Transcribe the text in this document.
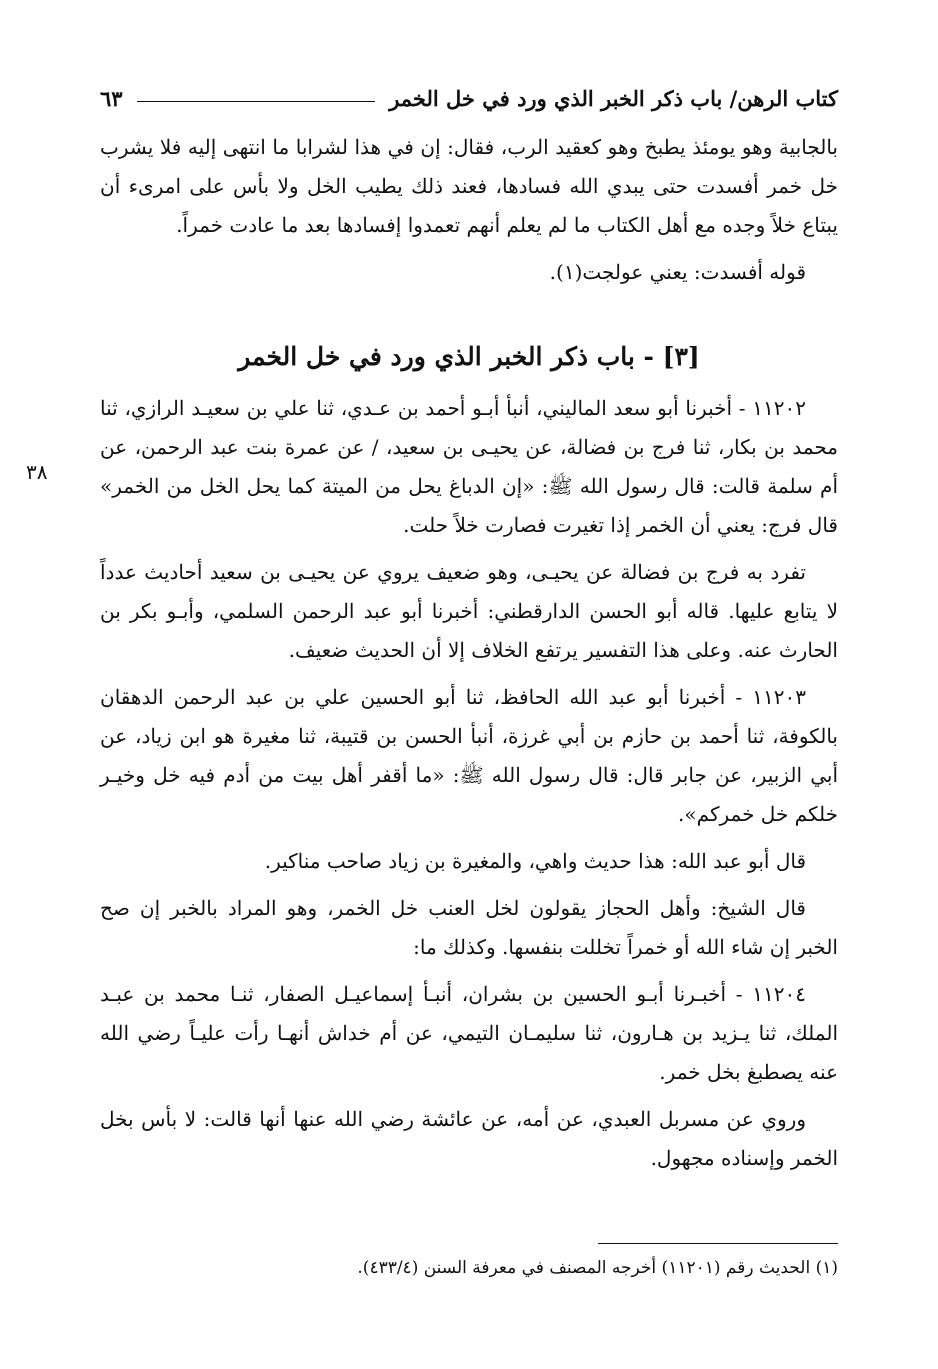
كتاب الرهن/ باب ذكر الخبر الذي ورد في خل الخمر
٦٣
٣٨

بالجابية وهو يومئذ يطبخ وهو كعقيد الرب، فقال: إن في هذا لشرابا ما انتهى إليه فلا يشرب خل خمر أفسدت حتى يبدي الله فسادها، فعند ذلك يطيب الخل ولا بأس على امرىء أن يبتاع خلاً وجده مع أهل الكتاب ما لم يعلم أنهم تعمدوا إفسادها بعد ما عادت خمراً.

قوله أفسدت: يعني عولجت(١).

[٣] - باب ذكر الخبر الذي ورد في خل الخمر

١١٢٠٢ - أخبرنا أبو سعد الماليني، أنبأ أبـو أحمد بن عـدي، ثنا علي بن سعيـد الرازي، ثنا محمد بن بكار، ثنا فرج بن فضالة، عن يحيـى بن سعيد، / عن عمرة بنت عبد الرحمن، عن أم سلمة قالت: قال رسول الله ﷺ: «إن الدباغ يحل من الميتة كما يحل الخل من الخمر» قال فرج: يعني أن الخمر إذا تغيرت فصارت خلاً حلت.

تفرد به فرج بن فضالة عن يحيـى، وهو ضعيف يروي عن يحيـى بن سعيد أحاديث عدداً لا يتابع عليها. قاله أبو الحسن الدارقطني: أخبرنا أبو عبد الرحمن السلمي، وأبـو بكر بن الحارث عنه. وعلى هذا التفسير يرتفع الخلاف إلا أن الحديث ضعيف.

١١٢٠٣ - أخبرنا أبو عبد الله الحافظ، ثنا أبو الحسين علي بن عبد الرحمن الدهقان بالكوفة، ثنا أحمد بن حازم بن أبي غرزة، أنبأ الحسن بن قتيبة، ثنا مغيرة هو ابن زياد، عن أبي الزبير، عن جابر قال: قال رسول الله ﷺ: «ما أقفر أهل بيت من أدم فيه خل وخيـر خلكم خل خمركم».

قال أبو عبد الله: هذا حديث واهي، والمغيرة بن زياد صاحب مناكير.

قال الشيخ: وأهل الحجاز يقولون لخل العنب خل الخمر، وهو المراد بالخبر إن صح الخبر إن شاء الله أو خمراً تخللت بنفسها. وكذلك ما:

١١٢٠٤ - أخبـرنا أبـو الحسين بن بشران، أنبـأ إسماعيـل الصفار، ثنـا محمد بن عبـد الملك، ثنا يـزيد بن هـارون، ثنا سليمـان التيمي، عن أم خداش أنهـا رأت عليـاً رضي الله عنه يصطبغ بخل خمر.

وروي عن مسربل العبدي، عن أمه، عن عائشة رضي الله عنها أنها قالت: لا بأس بخل الخمر وإسناده مجهول.

(١) الحديث رقم (١١٢٠١) أخرجه المصنف في معرفة السنن (٤٣٣/٤).
